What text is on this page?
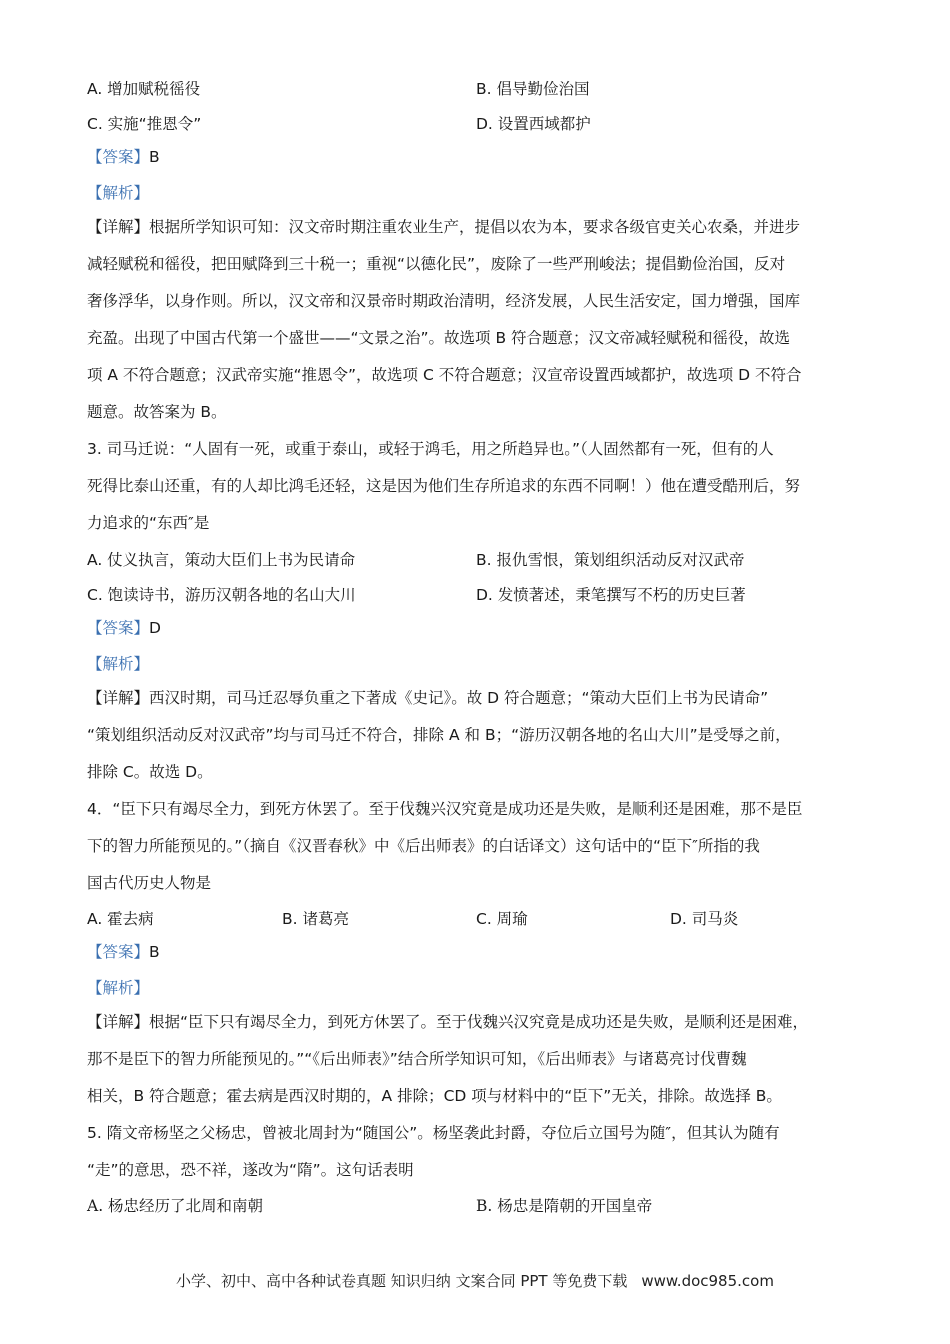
A. 增加赋税徭役	B. 倡导勤俭治国
C. 实施“推恩令”	D. 设置西域都护
【答案】B
【解析】
【详解】根据所学知识可知：汉文帝时期注重农业生产，提倡以农为本，要求各级官吏关心农桑，并进步
减轻赋税和徭役，把田赋降到三十税一；重视“以德化民”，废除了一些严刑峻法；提倡勤俭治国，反对
奢侈浮华，以身作则。所以，汉文帝和汉景帝时期政治清明，经济发展，人民生活安定，国力增强，国库
充盈。出现了中国古代第一个盛世——“文景之治”。故选项 B 符合题意；汉文帝减轻赋税和徭役，故选
项 A 不符合题意；汉武帝实施“推恩令”，故选项 C 不符合题意；汉宣帝设置西域都护，故选项 D 不符合
题意。故答案为 B。
3. 司马迁说：“人固有一死，或重于泰山，或轻于鸿毛，用之所趋异也。”（人固然都有一死，但有的人
死得比泰山还重，有的人却比鸿毛还轻，这是因为他们生存所追求的东西不同啊！）他在遭受酷刑后，努
力追求的“东西″是
A. 仗义执言，策动大臣们上书为民请命	B. 报仇雪恨，策划组织活动反对汉武帝
C. 饱读诗书，游历汉朝各地的名山大川	D. 发愤著述，秉笔撰写不朽的历史巨著
【答案】D
【解析】
【详解】西汉时期，司马迁忍辱负重之下著成《史记》。故 D 符合题意；“策动大臣们上书为民请命”
“策划组织活动反对汉武帝”均与司马迁不符合，排除 A 和 B；“游历汉朝各地的名山大川”是受辱之前，
排除 C。故选 D。
4．“臣下只有竭尽全力，到死方休罢了。至于伐魏兴汉究竟是成功还是失败，是顺利还是困难，那不是臣
下的智力所能预见的。”（摘自《汉晋春秋》中《后出师表》的白话译文）这句话中的“臣下″所指的我
国古代历史人物是
A. 霍去病	B. 诸葛亮	C. 周瑜	D. 司马炎
【答案】B
【解析】
【详解】根据“臣下只有竭尽全力，到死方休罢了。至于伐魏兴汉究竟是成功还是失败，是顺利还是困难，
那不是臣下的智力所能预见的。”“《后出师表》”结合所学知识可知，《后出师表》与诸葛亮讨伐曹魏
相关，B 符合题意；霍去病是西汉时期的，A 排除；CD 项与材料中的“臣下”无关，排除。故选择 B。
5. 隋文帝杨坚之父杨忠，曾被北周封为“随国公”。杨坚袭此封爵，夺位后立国号为随″，但其认为随有
“走”的意思，恐不祥，遂改为“隋”。这句话表明
A. 杨忠经历了北周和南朝	B. 杨忠是隋朝的开国皇帝
小学、初中、高中各种试卷真题 知识归纳 文案合同 PPT 等免费下载 www.doc985.com
